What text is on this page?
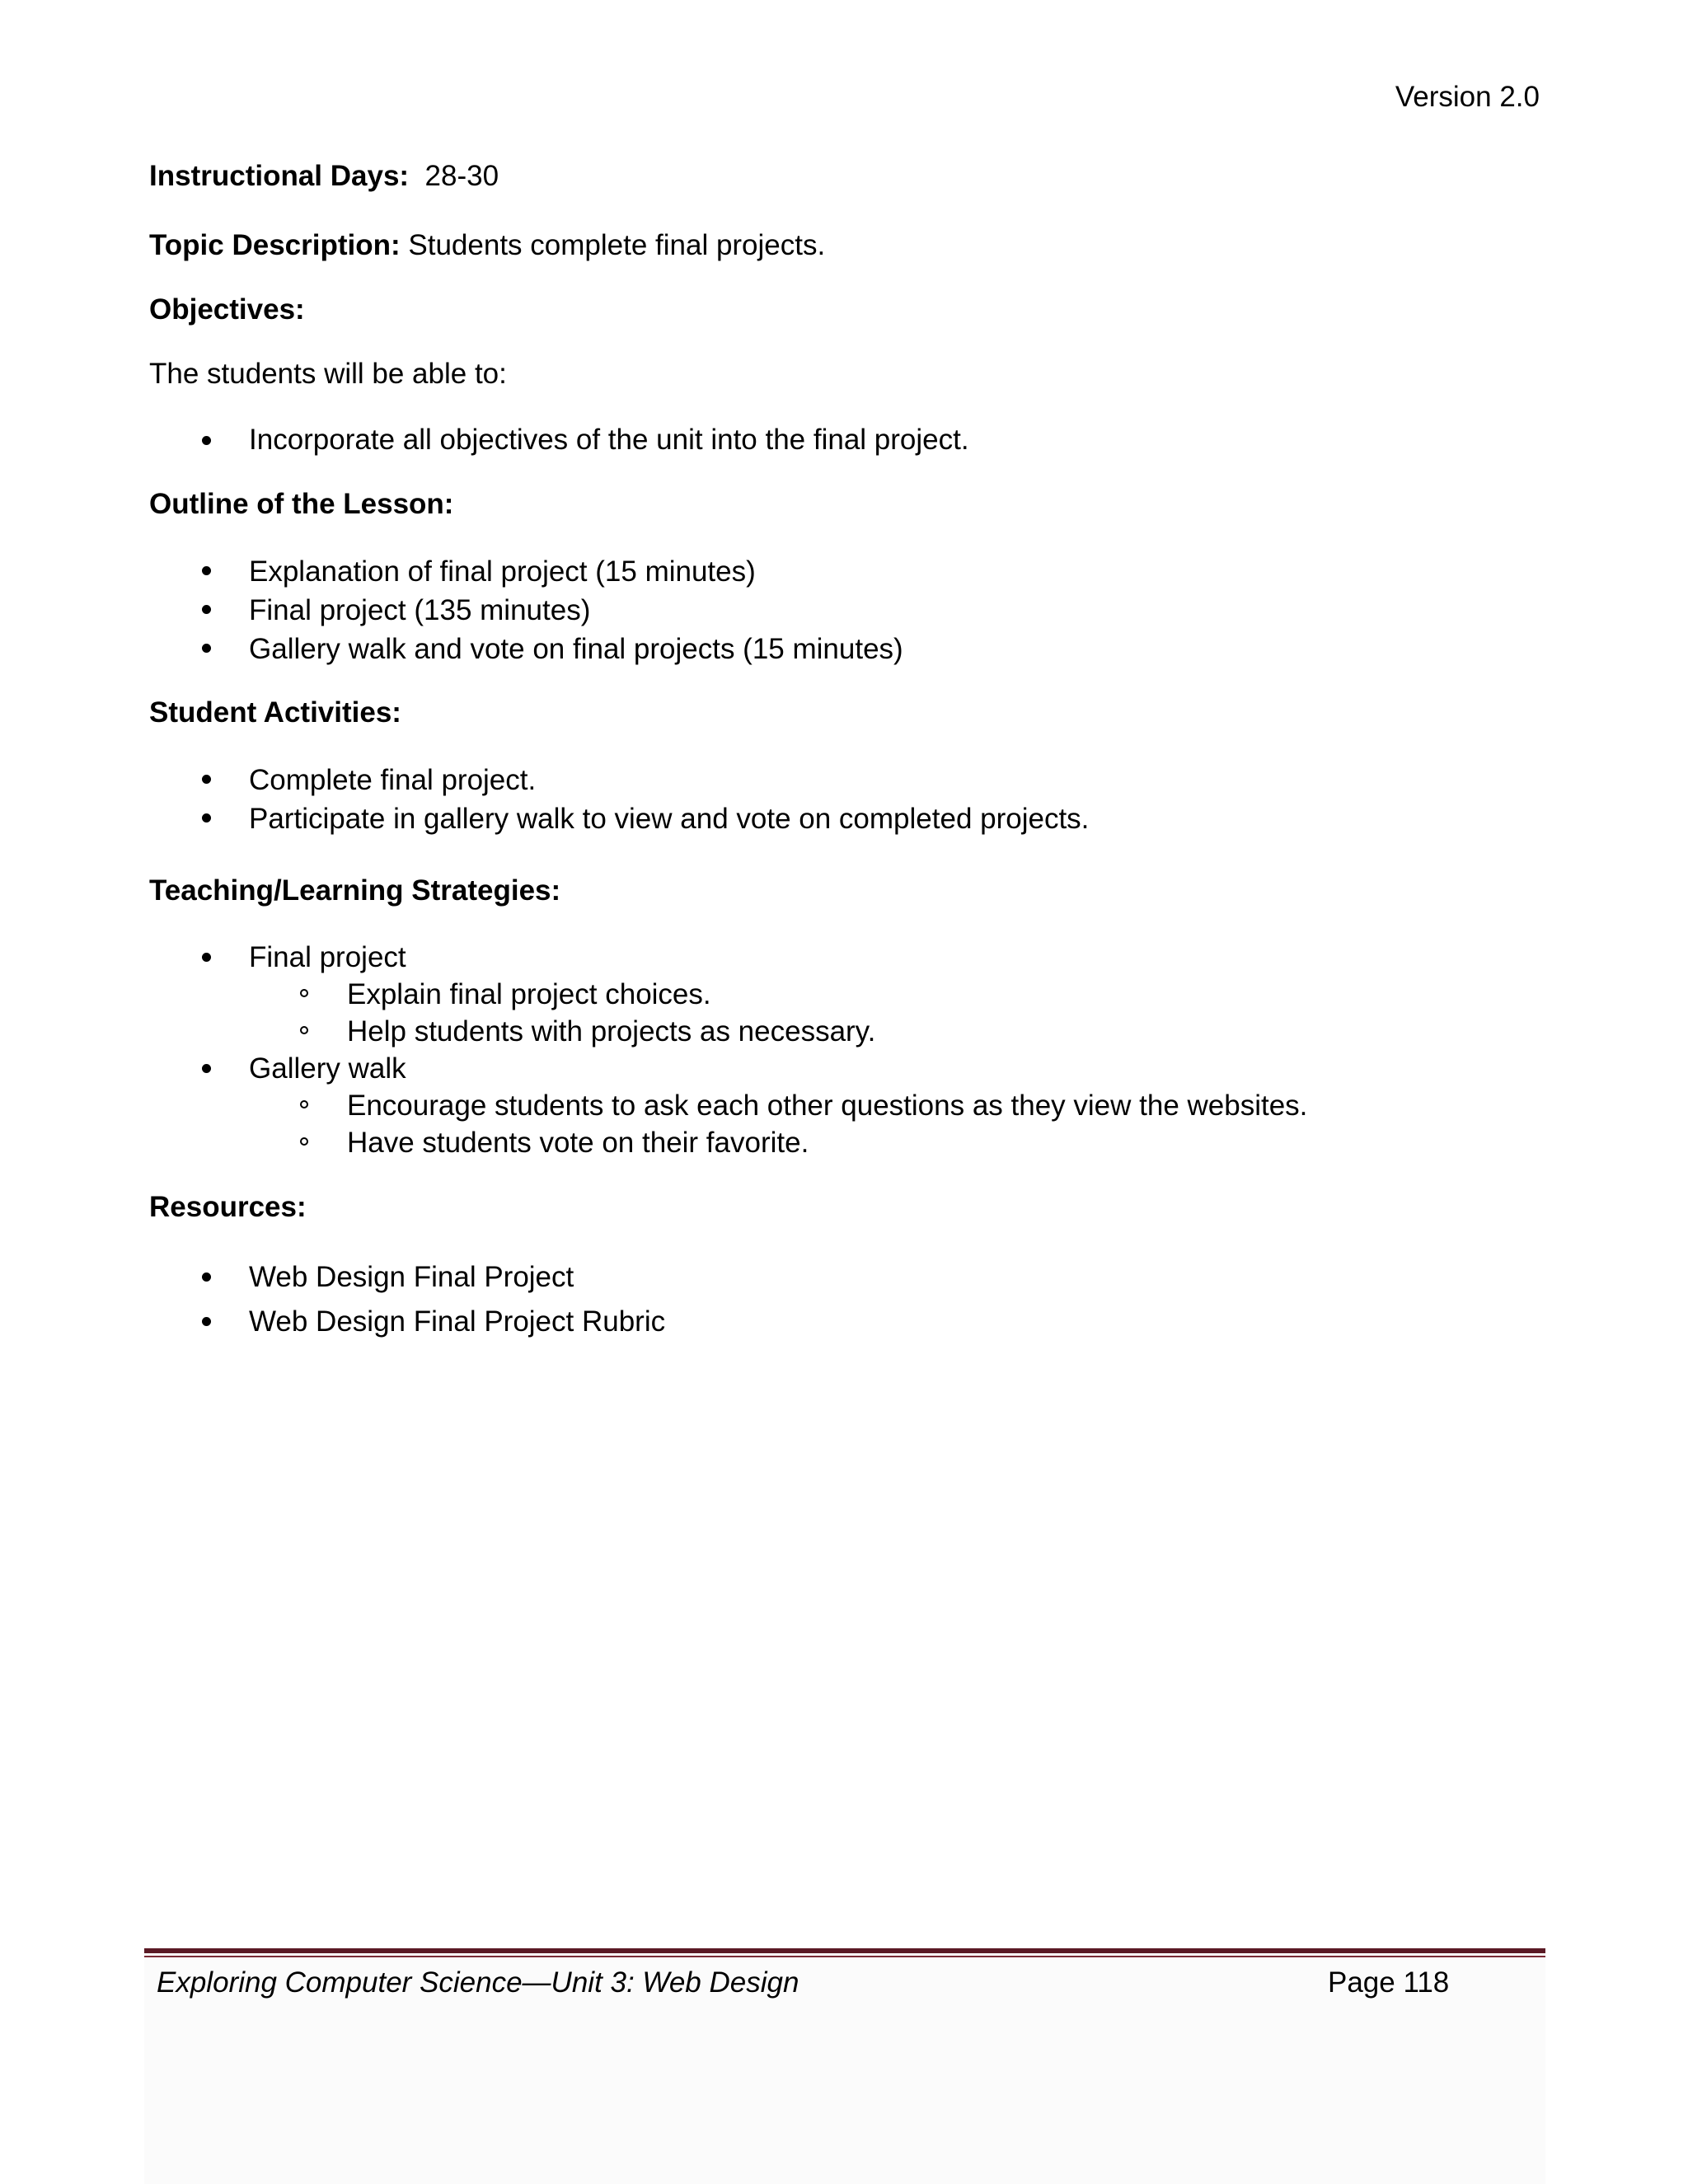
Version 2.0

Instructional Days: 28-30

Topic Description: Students complete final projects.

Objectives:

The students will be able to:

Incorporate all objectives of the unit into the final project.

Outline of the Lesson:

Explanation of final project (15 minutes)
Final project (135 minutes)
Gallery walk and vote on final projects (15 minutes)

Student Activities:

Complete final project.
Participate in gallery walk to view and vote on completed projects.

Teaching/Learning Strategies:

Final project
Explain final project choices.
Help students with projects as necessary.
Gallery walk
Encourage students to ask each other questions as they view the websites.
Have students vote on their favorite.

Resources:

Web Design Final Project
Web Design Final Project Rubric
Exploring Computer Science—Unit 3: Web Design	Page 118
